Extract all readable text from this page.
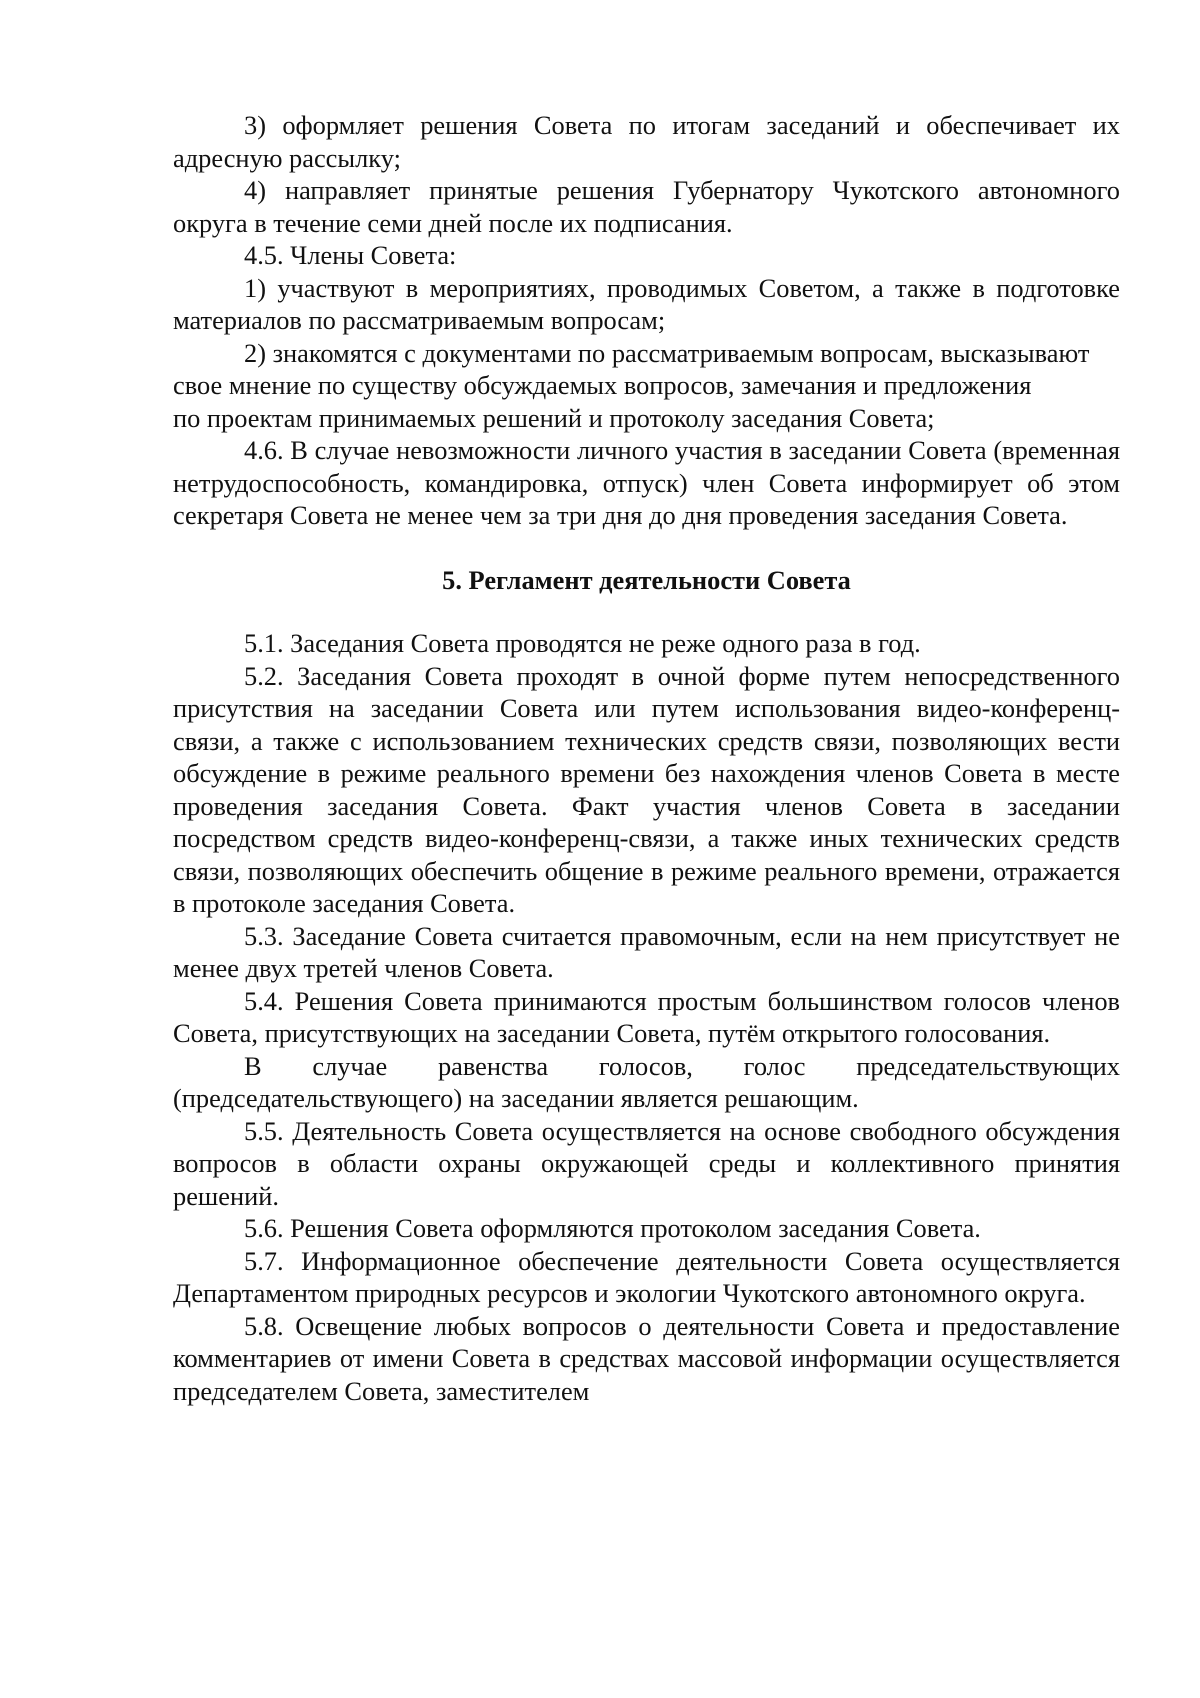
3) оформляет решения Совета по итогам заседаний и обеспечивает их адресную рассылку;

4) направляет принятые решения Губернатору Чукотского автономного округа в течение семи дней после их подписания.

4.5. Члены Совета:

1) участвуют в мероприятиях, проводимых Советом, а также в подготовке материалов по рассматриваемым вопросам;

2) знакомятся с документами по рассматриваемым вопросам, высказывают свое мнение по существу обсуждаемых вопросов, замечания и предложения

по проектам принимаемых решений и протоколу заседания Совета;

4.6. В случае невозможности личного участия в заседании Совета (временная нетрудоспособность, командировка, отпуск) член Совета информирует об этом секретаря Совета не менее чем за три дня до дня проведения заседания Совета.

5. Регламент деятельности Совета

5.1. Заседания Совета проводятся не реже одного раза в год.

5.2. Заседания Совета проходят в очной форме путем непосредственного присутствия на заседании Совета или путем использования видео-конференц-связи, а также с использованием технических средств связи, позволяющих вести обсуждение в режиме реального времени без нахождения членов Совета в месте проведения заседания Совета. Факт участия членов Совета в заседании посредством средств видео-конференц-связи, а также иных технических средств связи, позволяющих обеспечить общение в режиме реального времени, отражается в протоколе заседания Совета.

5.3. Заседание Совета считается правомочным, если на нем присутствует не менее двух третей членов Совета.

5.4. Решения Совета принимаются простым большинством голосов членов Совета, присутствующих на заседании Совета, путём открытого голосования.

В случае равенства голосов, голос председательствующих (председательствующего) на заседании является решающим.

5.5. Деятельность Совета осуществляется на основе свободного обсуждения вопросов в области охраны окружающей среды и коллективного принятия решений.

5.6. Решения Совета оформляются протоколом заседания Совета.

5.7. Информационное обеспечение деятельности Совета осуществляется Департаментом природных ресурсов и экологии Чукотского автономного округа.

5.8. Освещение любых вопросов о деятельности Совета и предоставление комментариев от имени Совета в средствах массовой информации осуществляется председателем Совета, заместителем
